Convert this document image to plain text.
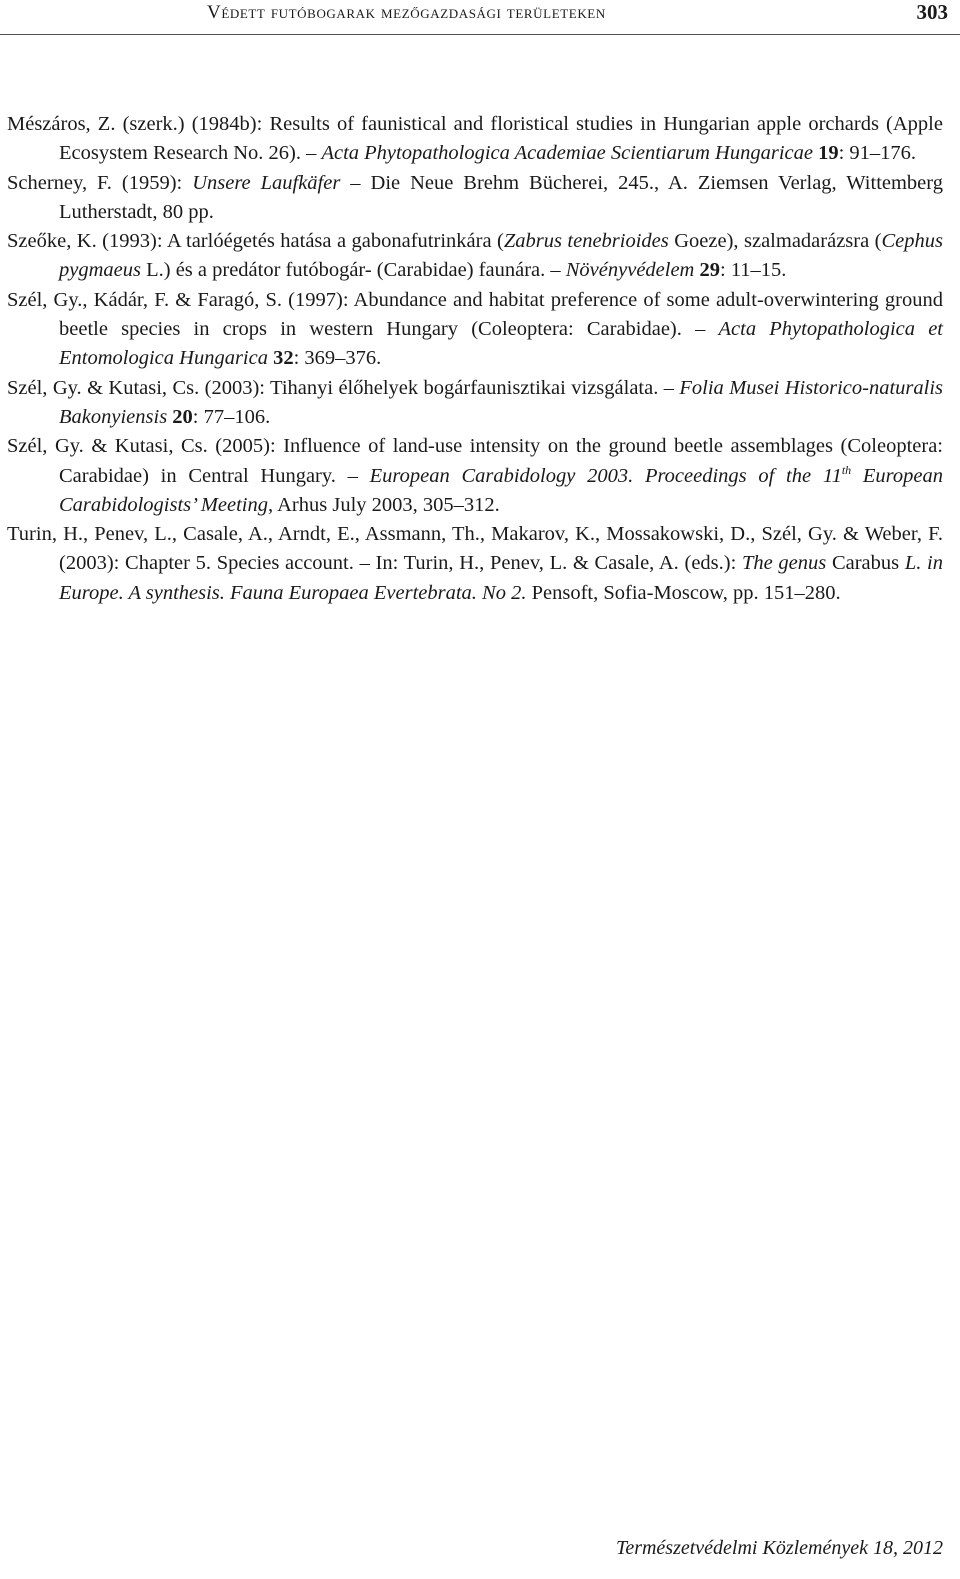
Védett futóbogarak mezőgazdasági területeken	303

Mészáros, Z. (szerk.) (1984b): Results of faunistical and floristical studies in Hungarian apple orchards (Apple Ecosystem Research No. 26). – Acta Phytopathologica Academiae Scientiarum Hungaricae 19: 91–176.

Scherney, F. (1959): Unsere Laufkäfer – Die Neue Brehm Bücherei, 245., A. Ziemsen Verlag, Wittemberg Lutherstadt, 80 pp.

Szeőke, K. (1993): A tarlóégetés hatása a gabonafutrinkára (Zabrus tenebrioides Goeze), szalmadarázsra (Cephus pygmaeus L.) és a predátor futóbogár- (Carabidae) faunára. – Növényvédelem 29: 11–15.

Szél, Gy., Kádár, F. & Faragó, S. (1997): Abundance and habitat preference of some adult-overwintering ground beetle species in crops in western Hungary (Coleoptera: Carabidae). – Acta Phytopathologica et Entomologica Hungarica 32: 369–376.

Szél, Gy. & Kutasi, Cs. (2003): Tihanyi élőhelyek bogárfaunisztikai vizsgálata. – Folia Musei Historico-naturalis Bakonyiensis 20: 77–106.

Szél, Gy. & Kutasi, Cs. (2005): Influence of land-use intensity on the ground beetle assemblages (Coleoptera: Carabidae) in Central Hungary. – European Carabidology 2003. Proceedings of the 11th European Carabidologists’ Meeting, Arhus July 2003, 305–312.

Turin, H., Penev, L., Casale, A., Arndt, E., Assmann, Th., Makarov, K., Mossakowski, D., Szél, Gy. & Weber, F. (2003): Chapter 5. Species account. – In: Turin, H., Penev, L. & Casale, A. (eds.): The genus Carabus L. in Europe. A synthesis. Fauna Europaea Evertebrata. No 2. Pensoft, Sofia-Moscow, pp. 151–280.

Természetvédelmi Közlemények 18, 2012
